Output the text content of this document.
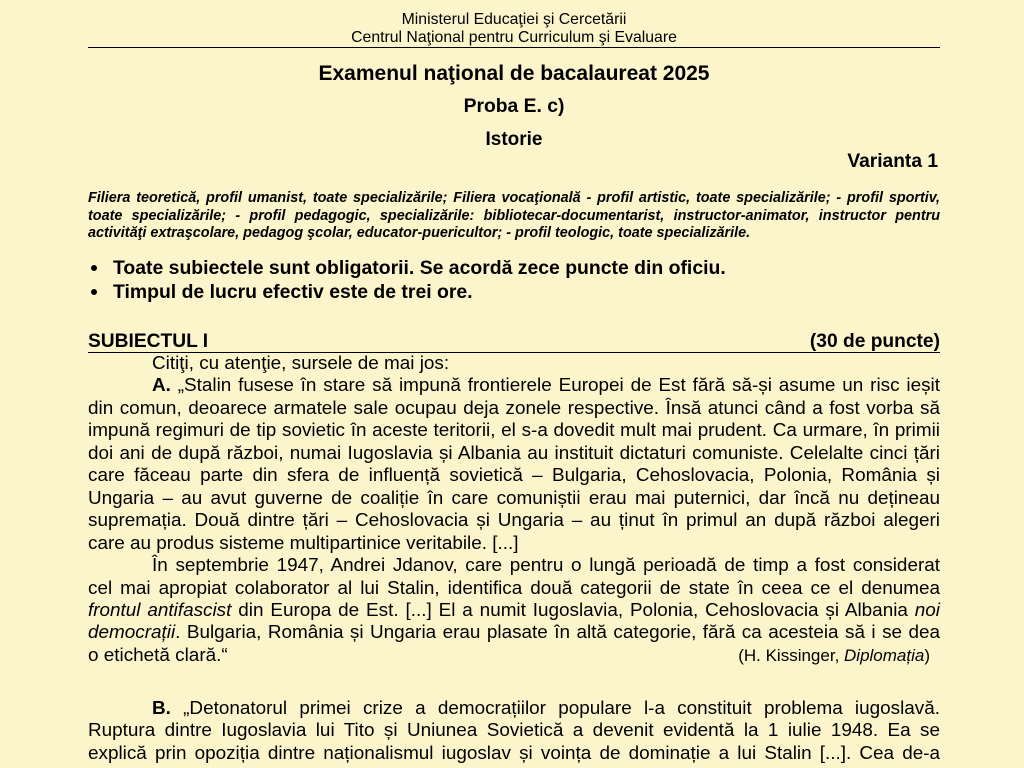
Ministerul Educaţiei şi Cercetării
Centrul Naţional pentru Curriculum şi Evaluare
Examenul naţional de bacalaureat 2025
Proba E. c)
Istorie
Varianta 1
Filiera teoretică, profil umanist, toate specializările; Filiera vocaţională - profil artistic, toate specializările; - profil sportiv,
toate specializările; - profil pedagogic, specializările: bibliotecar-documentarist, instructor-animator, instructor pentru
activităţi extraşcolare, pedagog şcolar, educator-puericultor; - profil teologic, toate specializările.
Toate subiectele sunt obligatorii. Se acordă zece puncte din oficiu.
Timpul de lucru efectiv este de trei ore.
SUBIECTUL I	(30 de puncte)
Citiţi, cu atenţie, sursele de mai jos:
A. „Stalin fusese în stare să impună frontierele Europei de Est fără să-și asume un risc ieșit
din comun, deoarece armatele sale ocupau deja zonele respective. Însă atunci când a fost vorba să
impună regimuri de tip sovietic în aceste teritorii, el s-a dovedit mult mai prudent. Ca urmare, în primii
doi ani de după război, numai Iugoslavia și Albania au instituit dictaturi comuniste. Celelalte cinci țări
care făceau parte din sfera de influență sovietică – Bulgaria, Cehoslovacia, Polonia, România și
Ungaria – au avut guverne de coaliție în care comuniștii erau mai puternici, dar încă nu dețineau
supremația. Două dintre țări – Cehoslovacia și Ungaria – au ținut în primul an după război alegeri
care au produs sisteme multipartinice veritabile. [...]
În septembrie 1947, Andrei Jdanov, care pentru o lungă perioadă de timp a fost considerat
cel mai apropiat colaborator al lui Stalin, identifica două categorii de state în ceea ce el denumea
frontul antifascist din Europa de Est. [...] El a numit Iugoslavia, Polonia, Cehoslovacia și Albania noi
democrații. Bulgaria, România și Ungaria erau plasate în altă categorie, fără ca acesteia să i se dea
o etichetă clară.“	(H. Kissinger, Diplomația)
B. „Detonatorul primei crize a democrațiilor populare l-a constituit problema iugoslavă.
Ruptura dintre Iugoslavia lui Tito și Uniunea Sovietică a devenit evidentă la 1 iulie 1948. Ea se
explică prin opoziția dintre naționalismul iugoslav și voința de dominație a lui Stalin [...]. Cea de-a
